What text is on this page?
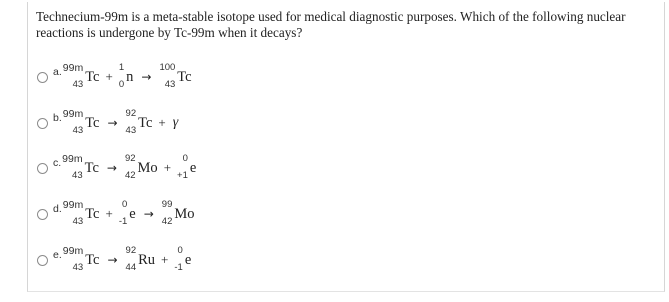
Technecium-99m is a meta-stable isotope used for medical diagnostic purposes. Which of the following nuclear reactions is undergone by Tc-99m when it decays?
a. 99m
43 Tc +
1
0 n →
100
43 Tc
b. 99m
43 Tc →
92
43 Tc + γ
c. 99m
43 Tc →
92
42 Mo +
0
+1 e
d. 99m
43 Tc +
0
-1 e →
99
42 Mo
e. 99m
43 Tc →
92
44 Ru +
0
-1 e
